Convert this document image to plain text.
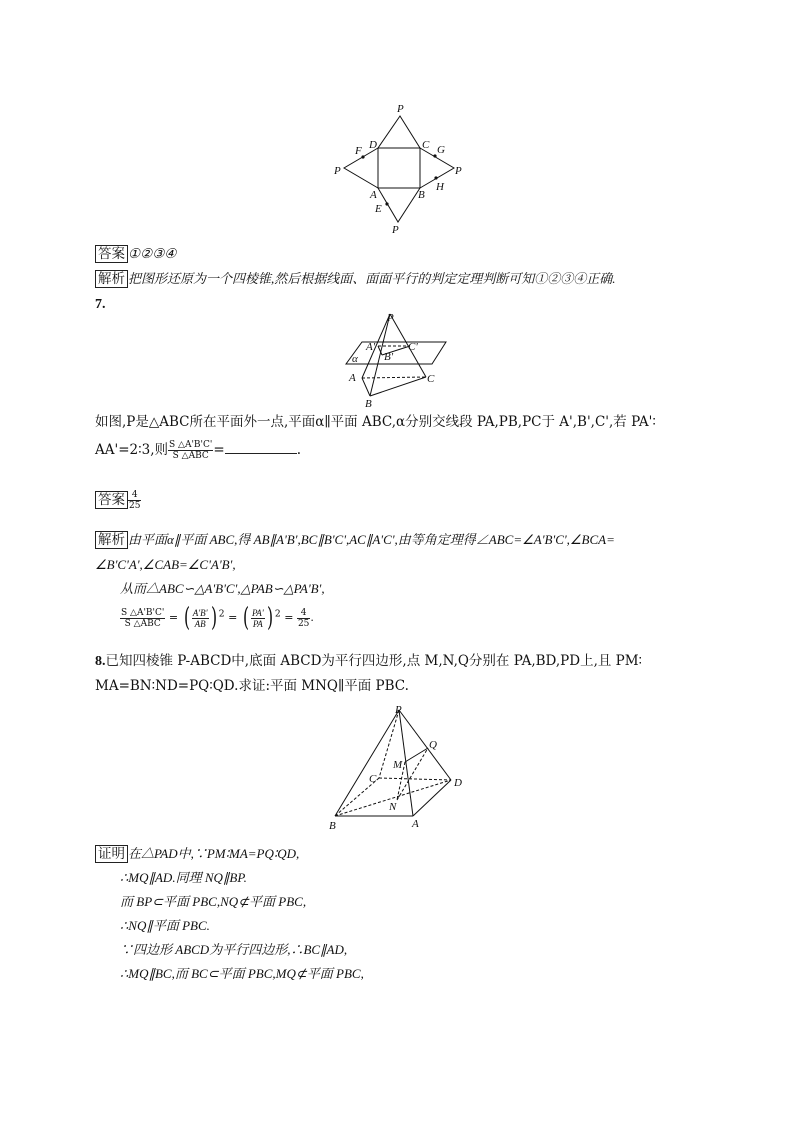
P
P	P
P
D	C
A	B
F	G
H
E
答案 ①②③④
解析 把图形还原为一个四棱锥,然后根据线面、面面平行的判定定理判断可知①②③④正确.
7.
P
A'
B'
C'
α
A	C
B
如图,P是△ABC所在平面外一点,平面α∥平面 ABC,α分别交线段 PA,PB,PC于 A',B',C',若 PA'∶
AA'=2∶3,则 $\frac{S \triangle A'B'C'}{\text{S △ABC}}$ =	.
答案 $\frac{4}{25}$
解析 由平面α∥平面 ABC,得 AB∥A'B',BC∥B'C',AC∥A'C',由等角定理得∠ABC=∠A'B'C',∠BCA=
∠B'C'A',∠CAB=∠C'A'B',
从而△ABC∽△A'B'C',△PAB∽△PA'B',
$\frac{S \triangle A'B'C'}{\text{S △ABC}}$ = ( $\frac{A'B'}{AB}$ ) $^2$ = ( $\frac{PA'}{PA}$ ) $^2 = \frac{4}{25}$ .
8.已知四棱锥 P-ABCD中,底面 ABCD为平行四边形,点 M,N,Q分别在 PA,BD,PD上,且 PM∶
MA=BN∶ND=PQ∶QD.求证:平面 MNQ∥平面 PBC.
P
Q
M
C	D
N
B	A
证明 在△PAD中,∵PM∶MA=PQ∶QD,
∴MQ∥AD.同理 NQ∥BP.
而 BP⊂平面 PBC,NQ⊄平面 PBC,
∴NQ∥平面 PBC.
∵四边形 ABCD为平行四边形,∴BC∥AD,
∴MQ∥BC,而 BC⊂平面 PBC,MQ⊄平面 PBC,
